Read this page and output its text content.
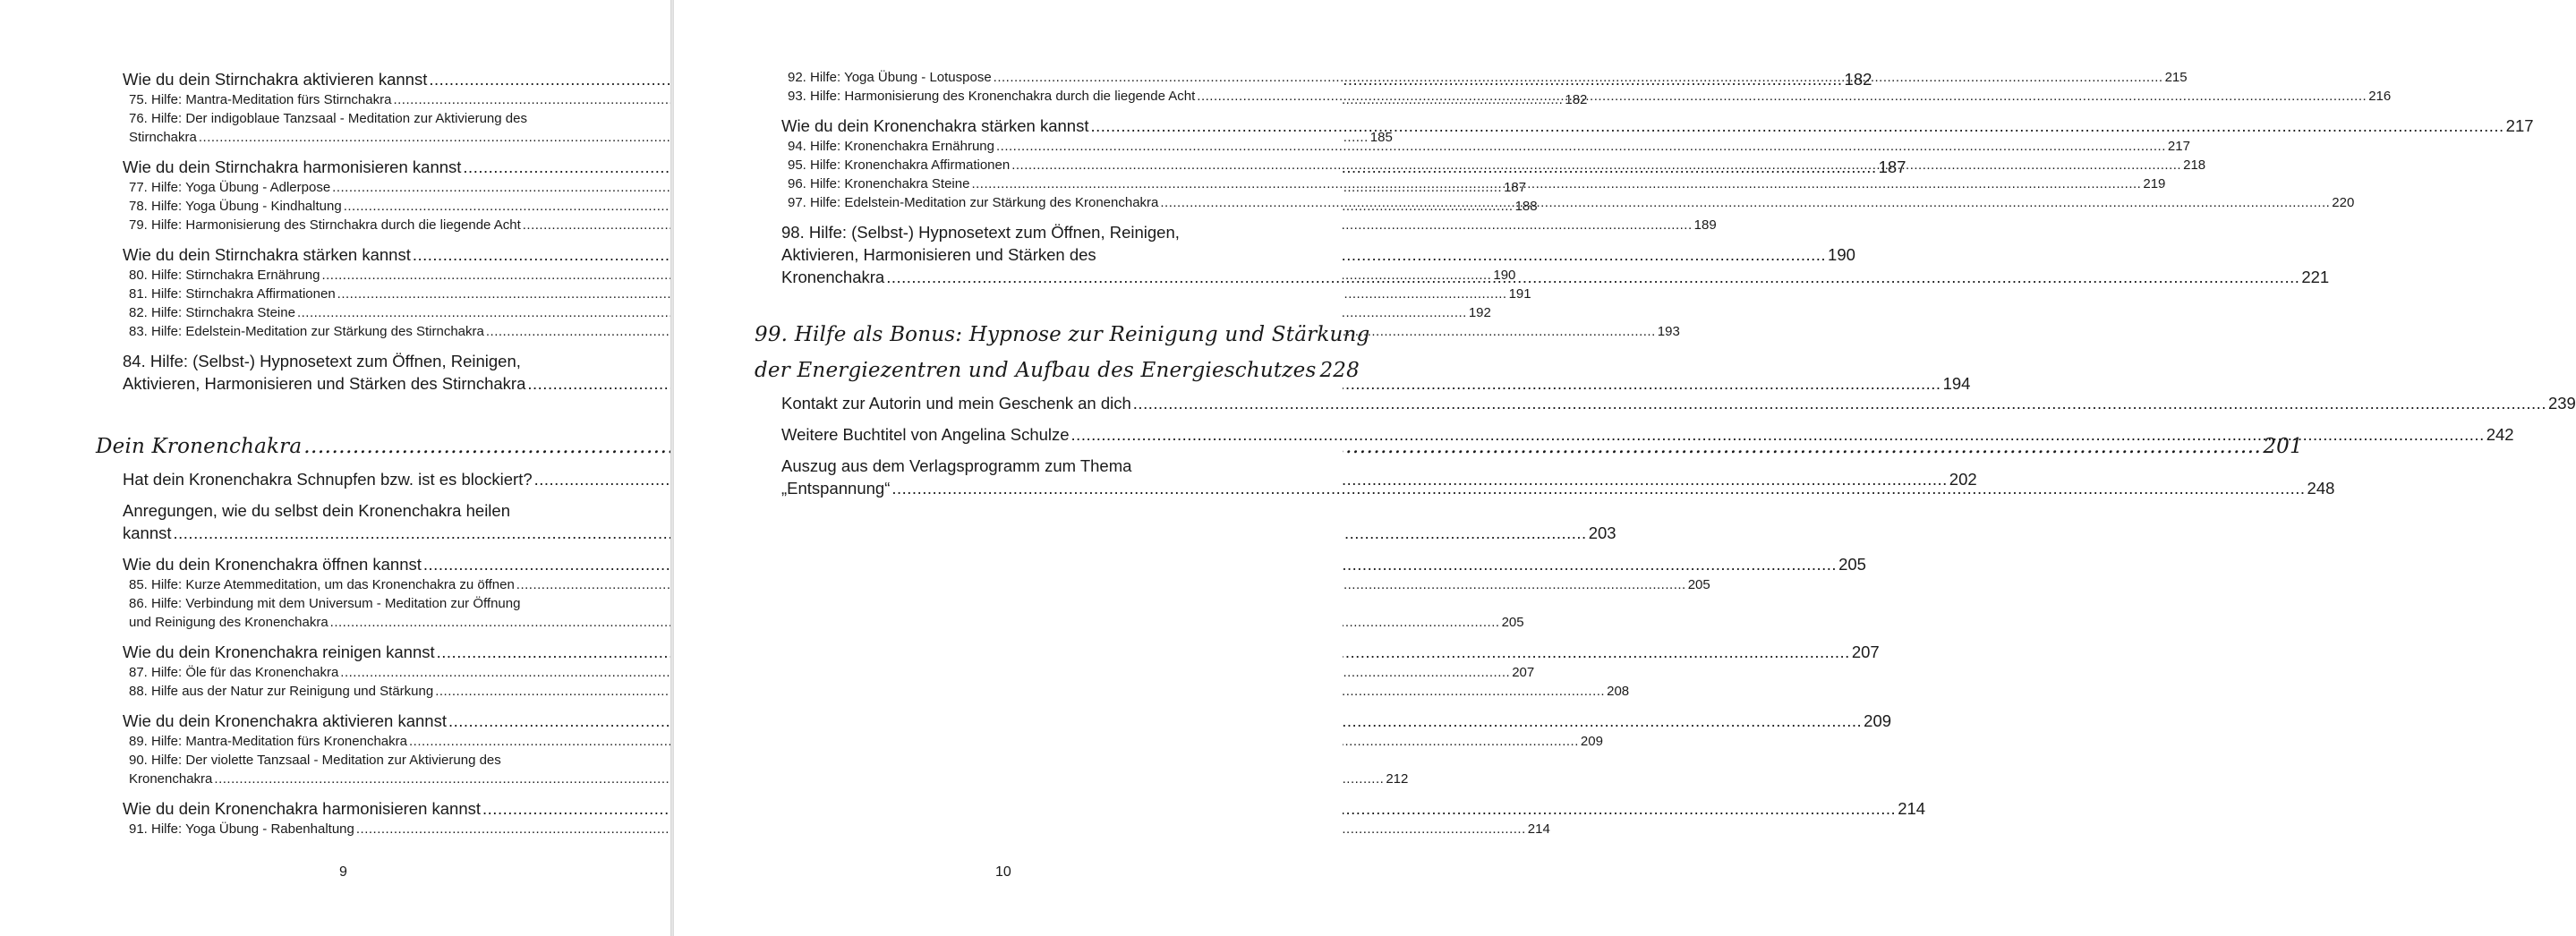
Wie du dein Stirnchakra aktivieren kannst .....	182
75. Hilfe: Mantra-Meditation fürs Stirnchakra .....	182
76. Hilfe: Der indigoblaue Tanzsaal - Meditation zur Aktivierung des
Stirnchakra .....	185
Wie du dein Stirnchakra harmonisieren kannst .....	187
77. Hilfe: Yoga Übung - Adlerpose .....	187
78. Hilfe: Yoga Übung - Kindhaltung .....	188
79. Hilfe: Harmonisierung des Stirnchakra durch die liegende Acht .....	189
Wie du dein Stirnchakra stärken kannst .....	190
80. Hilfe: Stirnchakra Ernährung .....	190
81. Hilfe: Stirnchakra Affirmationen .....	191
82. Hilfe: Stirnchakra Steine .....	192
83. Hilfe: Edelstein-Meditation zur Stärkung des Stirnchakra .....	193
84. Hilfe: (Selbst-) Hypnosetext zum Öffnen, Reinigen,
Aktivieren, Harmonisieren und Stärken des Stirnchakra .....	194
Dein Kronenchakra .....	201
Hat dein Kronenchakra Schnupfen bzw. ist es blockiert? .....	202
Anregungen, wie du selbst dein Kronenchakra heilen
kannst .....	203
Wie du dein Kronenchakra öffnen kannst .....	205
85. Hilfe: Kurze Atemmeditation, um das Kronenchakra zu öffnen .....	205
86. Hilfe: Verbindung mit dem Universum - Meditation zur Öffnung
und Reinigung des Kronenchakra .....	205
Wie du dein Kronenchakra reinigen kannst .....	207
87. Hilfe: Öle für das Kronenchakra .....	207
88. Hilfe aus der Natur zur Reinigung und Stärkung .....	208
Wie du dein Kronenchakra aktivieren kannst .....	209
89. Hilfe: Mantra-Meditation fürs Kronenchakra .....	209
90. Hilfe: Der violette Tanzsaal - Meditation zur Aktivierung des
Kronenchakra .....	212
Wie du dein Kronenchakra harmonisieren kannst .....	214
91. Hilfe: Yoga Übung - Rabenhaltung .....	214
9
92. Hilfe: Yoga Übung - Lotuspose .....	215
93. Hilfe: Harmonisierung des Kronenchakra durch die liegende Acht .....	216
Wie du dein Kronenchakra stärken kannst .....	217
94. Hilfe: Kronenchakra Ernährung .....	217
95. Hilfe: Kronenchakra Affirmationen .....	218
96. Hilfe: Kronenchakra Steine .....	219
97. Hilfe: Edelstein-Meditation zur Stärkung des Kronenchakra .....	220
98. Hilfe: (Selbst-) Hypnosetext zum Öffnen, Reinigen,
Aktivieren, Harmonisieren und Stärken des
Kronenchakra .....	221
99. Hilfe als Bonus: Hypnose zur Reinigung und Stärkung
der Energiezentren und Aufbau des Energieschutzes 228
Kontakt zur Autorin und mein Geschenk an dich .....	239
Weitere Buchtitel von Angelina Schulze .....	242
Auszug aus dem Verlagsprogramm zum Thema
„Entspannung“ .....	248
10
